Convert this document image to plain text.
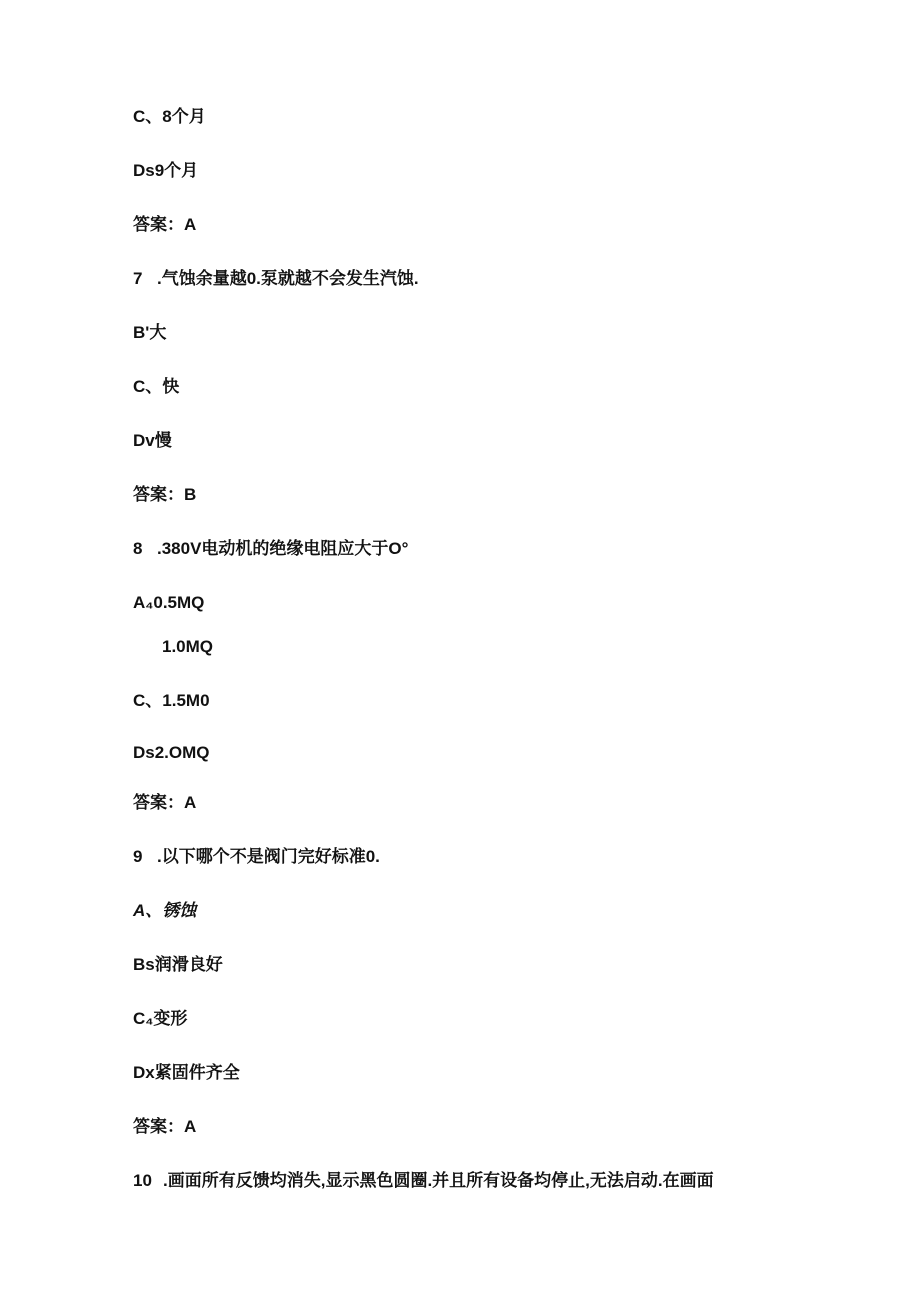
C、8个月

Ds9个月

答案：A

7 .气蚀余量越0.泵就越不会发生汽蚀.

B'大

C、快

Dv慢

答案：B

8 .380V电动机的绝缘电阻应大于O°

A₄0.5MQ

1.0MQ

C、1.5M0

Ds2.OMQ

答案：A

9 .以下哪个不是阀门完好标准0.

A、锈蚀

Bs润滑良好

C₄变形

Dx紧固件齐全

答案：A

10 .画面所有反馈均消失,显示黑色圆圈.并且所有设备均停止,无法启动.在画面
